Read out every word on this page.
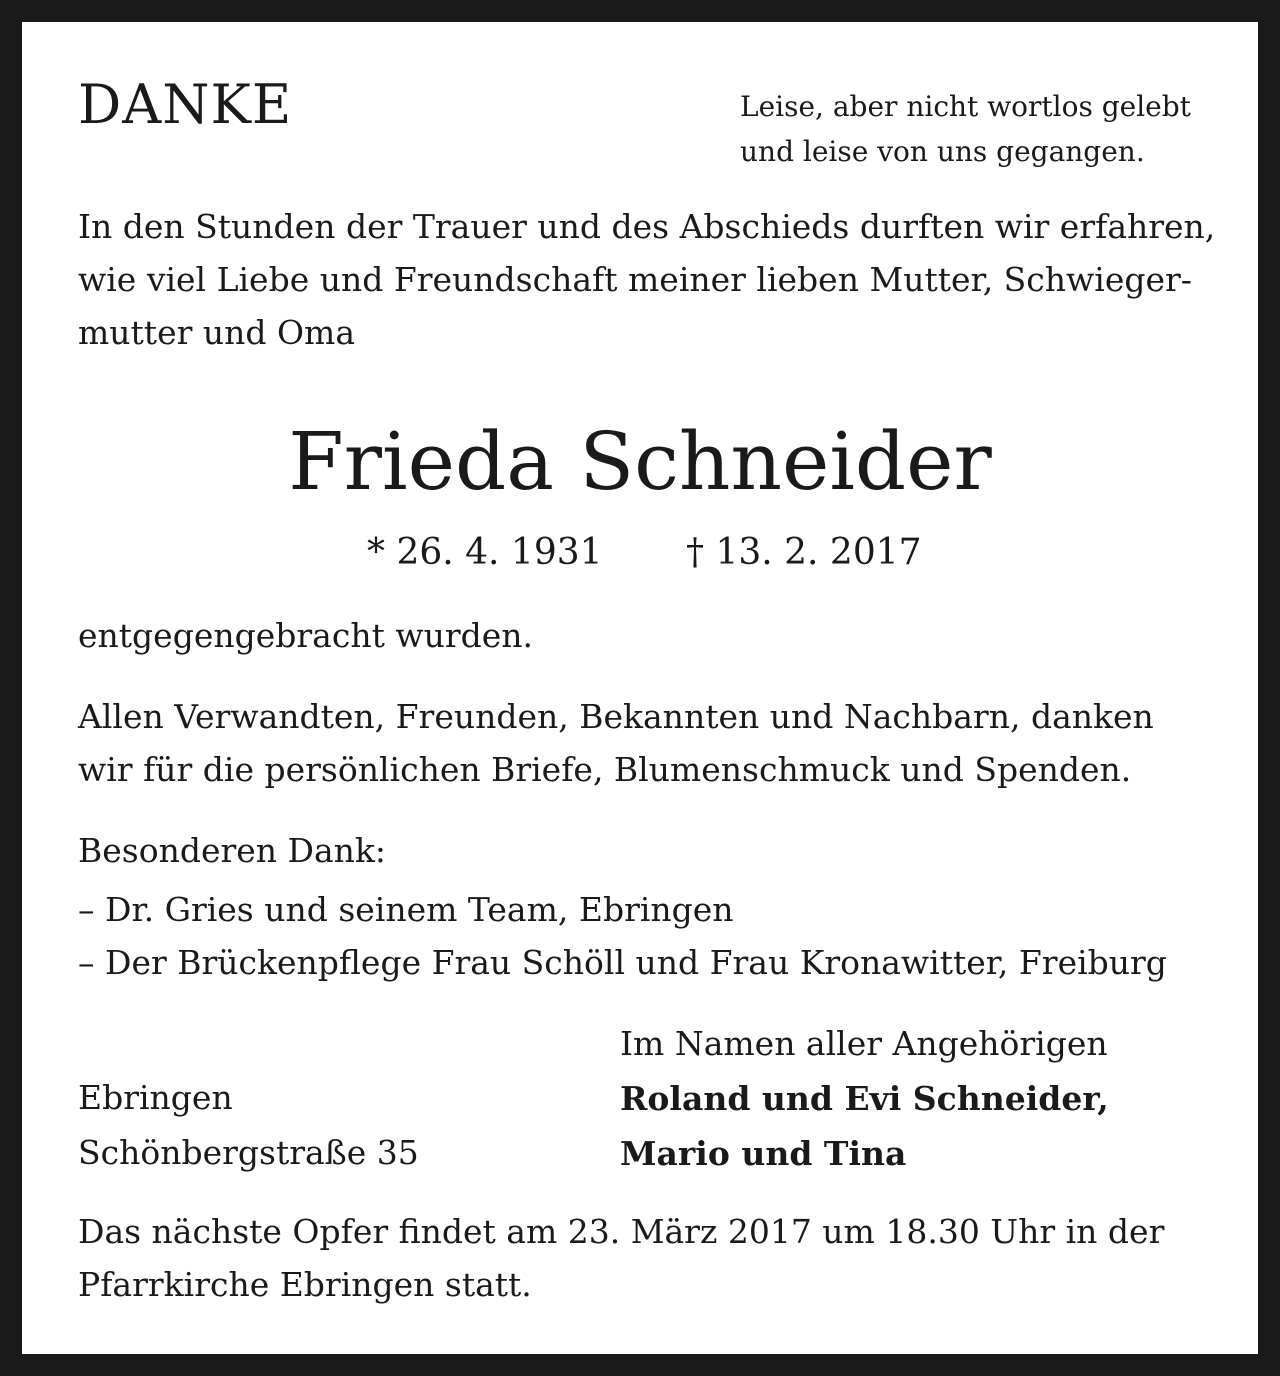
DANKE	Leise, aber nicht wortlos gelebt
und leise von uns gegangen.
In den Stunden der Trauer und des Abschieds durften wir erfahren,
wie viel Liebe und Freundschaft meiner lieben Mutter, Schwieger-
mutter und Oma
Frieda Schneider
* 26. 4. 1931 † 13. 2. 2017
entgegengebracht wurden.
Allen Verwandten, Freunden, Bekannten und Nachbarn, danken
wir für die persönlichen Briefe, Blumenschmuck und Spenden.
Besonderen Dank:
– Dr. Gries und seinem Team, Ebringen
– Der Brückenpflege Frau Schöll und Frau Kronawitter, Freiburg
Ebringen
Schönbergstraße 35
Im Namen aller Angehörigen
Roland und Evi Schneider,
Mario und Tina
Das nächste Opfer findet am 23. März 2017 um 18.30 Uhr in der
Pfarrkirche Ebringen statt.
